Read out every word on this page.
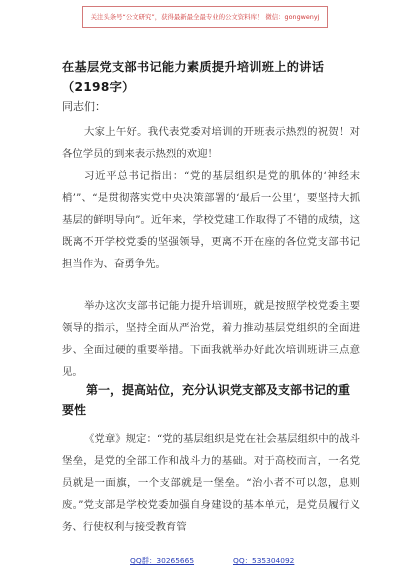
关注头条号“公文研究”，获得最新最全最专业的公文资料库！ 微信：gongwenyj
在基层党支部书记能力素质提升培训班上的讲话（2198字）
同志们：

大家上午好。我代表党委对培训的开班表示热烈的祝贺！对各位学员的到来表示热烈的欢迎！

习近平总书记指出：“党的基层组织是党的肌体的‘神经末梢’”、“是贯彻落实党中央决策部署的‘最后一公里’，要坚持大抓基层的鲜明导向”。近年来，学校党建工作取得了不错的成绩，这既离不开学校党委的坚强领导，更离不开在座的各位党支部书记担当作为、奋勇争先。

举办这次支部书记能力提升培训班，就是按照学校党委主要领导的指示，坚持全面从严治党，着力推动基层党组织的全面进步、全面过硬的重要举措。下面我就举办好此次培训班讲三点意见。

第一，提高站位，充分认识党支部及支部书记的重要性

《党章》规定：“党的基层组织是党在社会基层组织中的战斗堡垒，是党的全部工作和战斗力的基础。对于高校而言，一名党员就是一面旗，一个支部就是一堡垒。“治小者不可以忽，息则废。”党支部是学校党委加强自身建设的基本单元，是党员履行义务、行使权利与接受教育管

QQ群：30265665	QQ：535304092
